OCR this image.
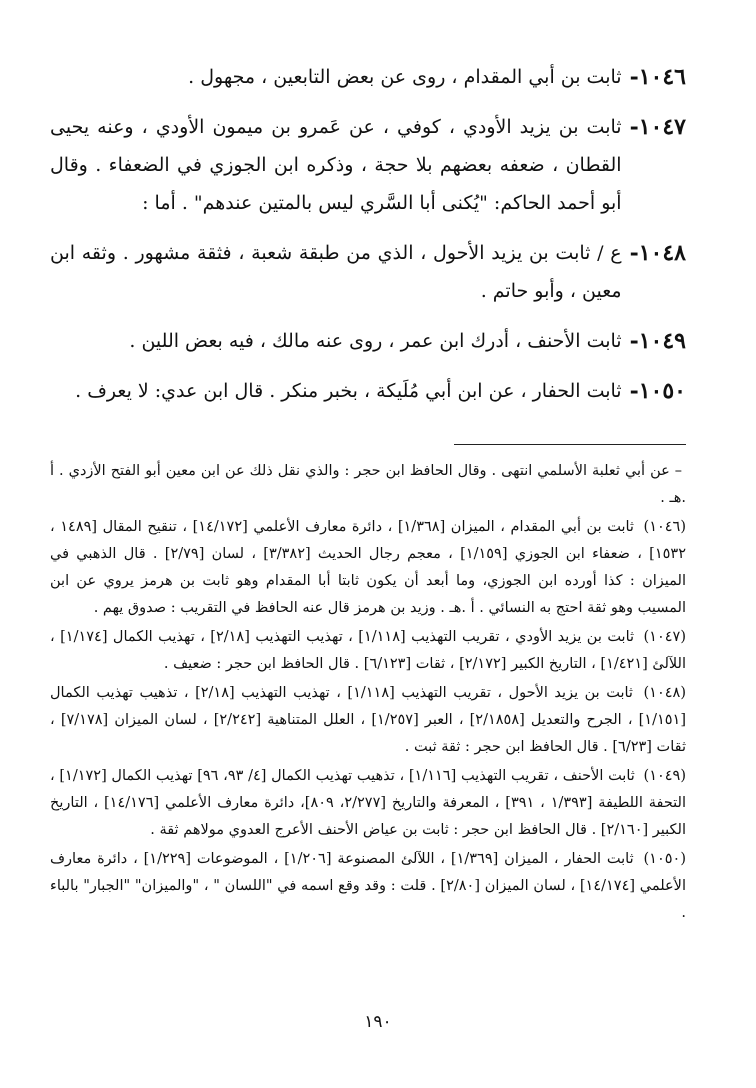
١٠٤٦-
ثابت بن أبي المقدام ، روى عن بعض التابعين ، مجهول .
١٠٤٧-
ثابت بن يزيد الأودي ، كوفي ، عن عَمرو بن ميمون الأودي ، وعنه يحيى القطان ، ضعفه بعضهم بلا حجة ، وذكره ابن الجوزي في الضعفاء . وقال أبو أحمد الحاكم: "يُكنى أبا السَّري ليس بالمتين عندهم" . أما :
١٠٤٨-
ع / ثابت بن يزيد الأحول ، الذي من طبقة شعبة ، فثقة مشهور . وثقه ابن معين ، وأبو حاتم .
١٠٤٩-
ثابت الأحنف ، أدرك ابن عمر ، روى عنه مالك ، فيه بعض اللين .
١٠٥٠-
ثابت الحفار ، عن ابن أبي مُلَيكة ، بخبر منكر . قال ابن عدي: لا يعرف .
– عن أبي ثعلبة الأسلمي انتهى . وقال الحافظ ابن حجر : والذي نقل ذلك عن ابن معين أبو الفتح الأزدي . أ .هـ .
(١٠٤٦) ثابت بن أبي المقدام ، الميزان [١/٣٦٨] ، دائرة معارف الأعلمي [١٤/١٧٢] ، تنقيح المقال [١٤٨٩ ، ١٥٣٢] ، ضعفاء ابن الجوزي [١/١٥٩] ، معجم رجال الحديث [٣/٣٨٢] ، لسان [٢/٧٩] . قال الذهبي في الميزان : كذا أورده ابن الجوزي، وما أبعد أن يكون ثابتا أبا المقدام وهو ثابت بن هرمز يروي عن ابن المسيب وهو ثقة احتج به النسائي . أ .هـ . وزيد بن هرمز قال عنه الحافظ في التقريب : صدوق يهم .
(١٠٤٧) ثابت بن يزيد الأودي ، تقريب التهذيب [١/١١٨] ، تهذيب التهذيب [٢/١٨] ، تهذيب الكمال [١/١٧٤] ، اللآلئ [١/٤٢١] ، التاريخ الكبير [٢/١٧٢] ، ثقات [٦/١٢٣] . قال الحافظ ابن حجر : ضعيف .
(١٠٤٨) ثابت بن يزيد الأحول ، تقريب التهذيب [١/١١٨] ، تهذيب التهذيب [٢/١٨] ، تذهيب تهذيب الكمال [١/١٥١] ، الجرح والتعديل [٢/١٨٥٨] ، العبر [١/٢٥٧] ، العلل المتناهية [٢/٢٤٢] ، لسان الميزان [٧/١٧٨] ، ثقات [٦/٢٣] . قال الحافظ ابن حجر : ثقة ثبت .
(١٠٤٩) ثابت الأحنف ، تقريب التهذيب [١/١١٦] ، تذهيب تهذيب الكمال [٤/ ٩٣، ٩٦] تهذيب الكمال [١/١٧٢] ، التحفة اللطيفة [١/٣٩٣ ، ٣٩١] ، المعرفة والتاريخ [٢/٢٧٧، ٨٠٩]، دائرة معارف الأعلمي [١٤/١٧٦] ، التاريخ الكبير [٢/١٦٠] . قال الحافظ ابن حجر : ثابت بن عياض الأحنف الأعرج العدوي مولاهم ثقة .
(١٠٥٠) ثابت الحفار ، الميزان [١/٣٦٩] ، اللآلئ المصنوعة [١/٢٠٦] ، الموضوعات [١/٢٢٩] ، دائرة معارف الأعلمي [١٤/١٧٤] ، لسان الميزان [٢/٨٠] . قلت : وقد وقع اسمه في "اللسان " ، "والميزان" "الجبار" بالباء .
١٩٠
